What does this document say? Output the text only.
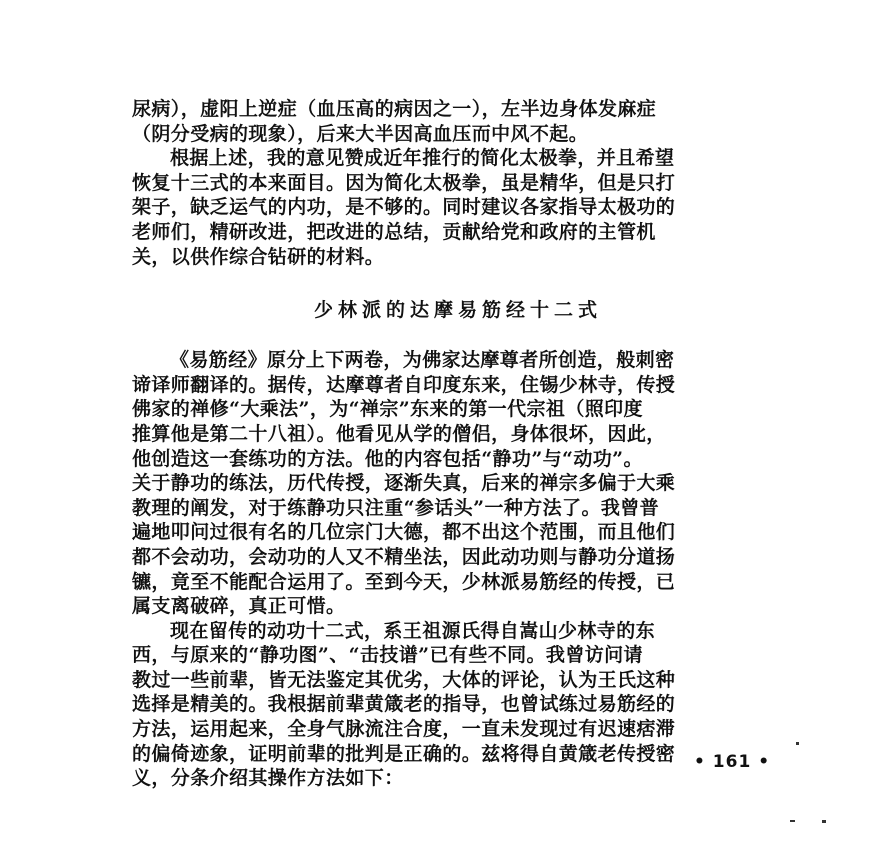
尿病），虚阳上逆症（血压高的病因之一），左半边身体发麻症
（阴分受病的现象），后来大半因高血压而中风不起。
根据上述，我的意见赞成近年推行的简化太极拳，并且希望
恢复十三式的本来面目。因为简化太极拳，虽是精华，但是只打
架子，缺乏运气的内功，是不够的。同时建议各家指导太极功的
老师们，精研改进，把改进的总结，贡献给党和政府的主管机
关，以供作综合钻研的材料。
少林派的达摩易筋经十二式
《易筋经》原分上下两卷，为佛家达摩尊者所创造，般刺密
谛译师翻译的。据传，达摩尊者自印度东来，住锡少林寺，传授
佛家的禅修“大乘法”，为“禅宗”东来的第一代宗祖（照印度
推算他是第二十八祖）。他看见从学的僧侣，身体很坏，因此，
他创造这一套练功的方法。他的内容包括“静功”与“动功”。
关于静功的练法，历代传授，逐渐失真，后来的禅宗多偏于大乘
教理的阐发，对于练静功只注重“参话头”一种方法了。我曾普
遍地叩问过很有名的几位宗门大德，都不出这个范围，而且他们
都不会动功，会动功的人又不精坐法，因此动功则与静功分道扬
镳，竟至不能配合运用了。至到今天，少林派易筋经的传授，已
属支离破碎，真正可惜。
现在留传的动功十二式，系王祖源氏得自嵩山少林寺的东
西，与原来的“静功图”、“击技谱”已有些不同。我曾访问请
教过一些前辈，皆无法鉴定其优劣，大体的评论，认为王氏这种
选择是精美的。我根据前辈黄箴老的指导，也曾试练过易筋经的
方法，运用起来，全身气脉流注合度，一直未发现过有迟速痞滞
的偏倚迹象，证明前辈的批判是正确的。兹将得自黄箴老传授密
义，分条介绍其操作方法如下：
• 161 •
